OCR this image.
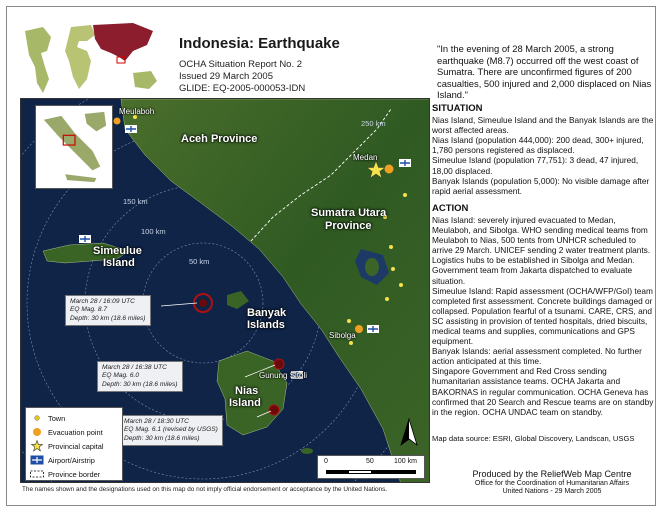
Indonesia: Earthquake
OCHA Situation Report No. 2
Issued 29 March 2005
GLIDE: EQ-2005-000053-IDN
"In the evening of 28 March 2005, a strong earthquake (M8.7) occurred off the west coast of Sumatra. There are unconfirmed figures of 200 casualties, 500 injured and 2,000 displaced on Nias Island."
Aceh Province
Sumatra Utara
Province
Simeulue
Island
Banyak
Islands
Nias
Island
Meulaboh
Medan
Sibolga
Gunung Sitoli
250 km
150 km
100 km
50 km
March 28 / 16:09 UTC
EQ Mag. 8.7
Depth: 30 km (18.6 miles)
March 28 / 16:38 UTC
EQ Mag. 6.0
Depth: 30 km (18.6 miles)
March 28 / 18:30 UTC
EQ Mag. 6.1 (revised by USGS)
Depth: 30 km (18.6 miles)
Town
Evacuation point
Provincial capital
Airport/Airstrip
Province border
0	50	100 km
SITUATION

Nias Island, Simeulue Island and the Banyak Islands are the worst affected areas.

Nias Island (population 444,000): 200 dead, 300+ injured, 1,780 persons registered as displaced.

Simeulue Island (population 77,751): 3 dead, 47 injured, 18,00 displaced.

Banyak Islands (population 5,000): No visible damage after rapid aerial assessment.

ACTION

Nias Island: severely injured evacuated to Medan, Meulaboh, and Sibolga. WHO sending medical teams from Meulaboh to Nias, 500 tents from UNHCR scheduled to arrive 29 March. UNICEF sending 2 water treatment plants. Logistics hubs to be established in Sibolga and Medan. Government team from Jakarta dispatched to evaluate situation.

Simeulue Island: Rapid assessment (OCHA/WFP/GoI) team completed first assessment. Concrete buildings damaged or collapsed. Population fearful of a tsunami. CARE, CRS, and SC assisting in provision of tented hospitals, dried biscuits, medical teams and supplies, communications and GPS equipment.

Banyak Islands: aerial assessment completed. No further action anticipated at this time.

Singapore Government and Red Cross sending humanitarian assistance teams. OCHA Jakarta and BAKORNAS in regular communication. OCHA Geneva has confirmed that 20 Search and Rescue teams are on standby in the region. OCHA UNDAC team on standby.

Map data source: ESRI, Global Discovery, Landscan, USGS
Produced by the ReliefWeb Map Centre
Office for the Coordination of Humanitarian Affairs
United Nations - 29 March 2005
The names shown and the designations used on this map do not imply official endorsement or acceptance by the United Nations.
